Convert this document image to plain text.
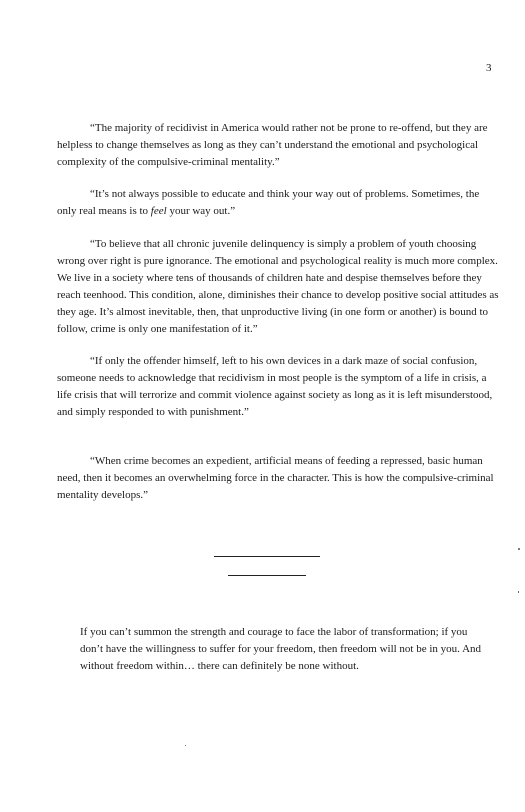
3

“The majority of recidivist in America would rather not be prone to re-offend, but they are
helpless to change themselves as long as they can’t understand the emotional and psychological
complexity of the compulsive-criminal mentality.”

“It’s not always possible to educate and think your way out of problems. Sometimes, the
only real means is to feel your way out.”

“To believe that all chronic juvenile delinquency is simply a problem of youth choosing
wrong over right is pure ignorance. The emotional and psychological reality is much more complex.
We live in a society where tens of thousands of children hate and despise themselves before they
reach teenhood. This condition, alone, diminishes their chance to develop positive social attitudes as
they age. It’s almost inevitable, then, that unproductive living (in one form or another) is bound to
follow, crime is only one manifestation of it.”

“If only the offender himself, left to his own devices in a dark maze of social confusion,
someone needs to acknowledge that recidivism in most people is the symptom of a life in crisis, a
life crisis that will terrorize and commit violence against society as long as it is left misunderstood,
and simply responded to with punishment.”

“When crime becomes an expedient, artificial means of feeding a repressed, basic human
need, then it becomes an overwhelming force in the character. This is how the compulsive-criminal
mentality develops.”

If you can’t summon the strength and courage to face the labor of transformation; if you
don’t have the willingness to suffer for your freedom, then freedom will not be in you. And
without freedom within… there can definitely be none without.
